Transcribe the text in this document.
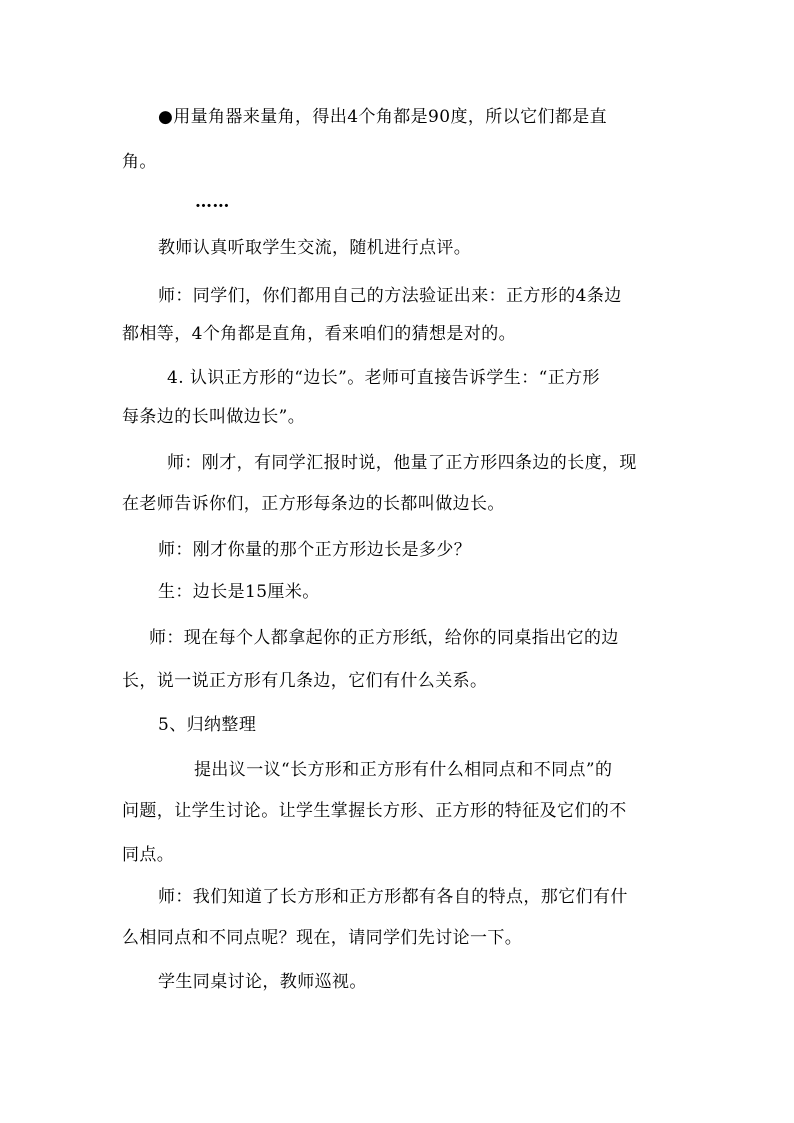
●用量角器来量角，得出4个角都是90度，所以它们都是直
角。
……
教师认真听取学生交流，随机进行点评。
师：同学们，你们都用自己的方法验证出来：正方形的4条边
都相等，4个角都是直角，看来咱们的猜想是对的。
4. 认识正方形的“边长”。老师可直接告诉学生：“正方形
每条边的长叫做边长”。
师：刚才，有同学汇报时说，他量了正方形四条边的长度，现
在老师告诉你们，正方形每条边的长都叫做边长。
师：刚才你量的那个正方形边长是多少？
生：边长是15厘米。
师：现在每个人都拿起你的正方形纸，给你的同桌指出它的边
长，说一说正方形有几条边，它们有什么关系。
5、归纳整理
提出议一议“长方形和正方形有什么相同点和不同点”的
问题，让学生讨论。让学生掌握长方形、正方形的特征及它们的不
同点。
师：我们知道了长方形和正方形都有各自的特点，那它们有什
么相同点和不同点呢？现在，请同学们先讨论一下。
学生同桌讨论，教师巡视。
